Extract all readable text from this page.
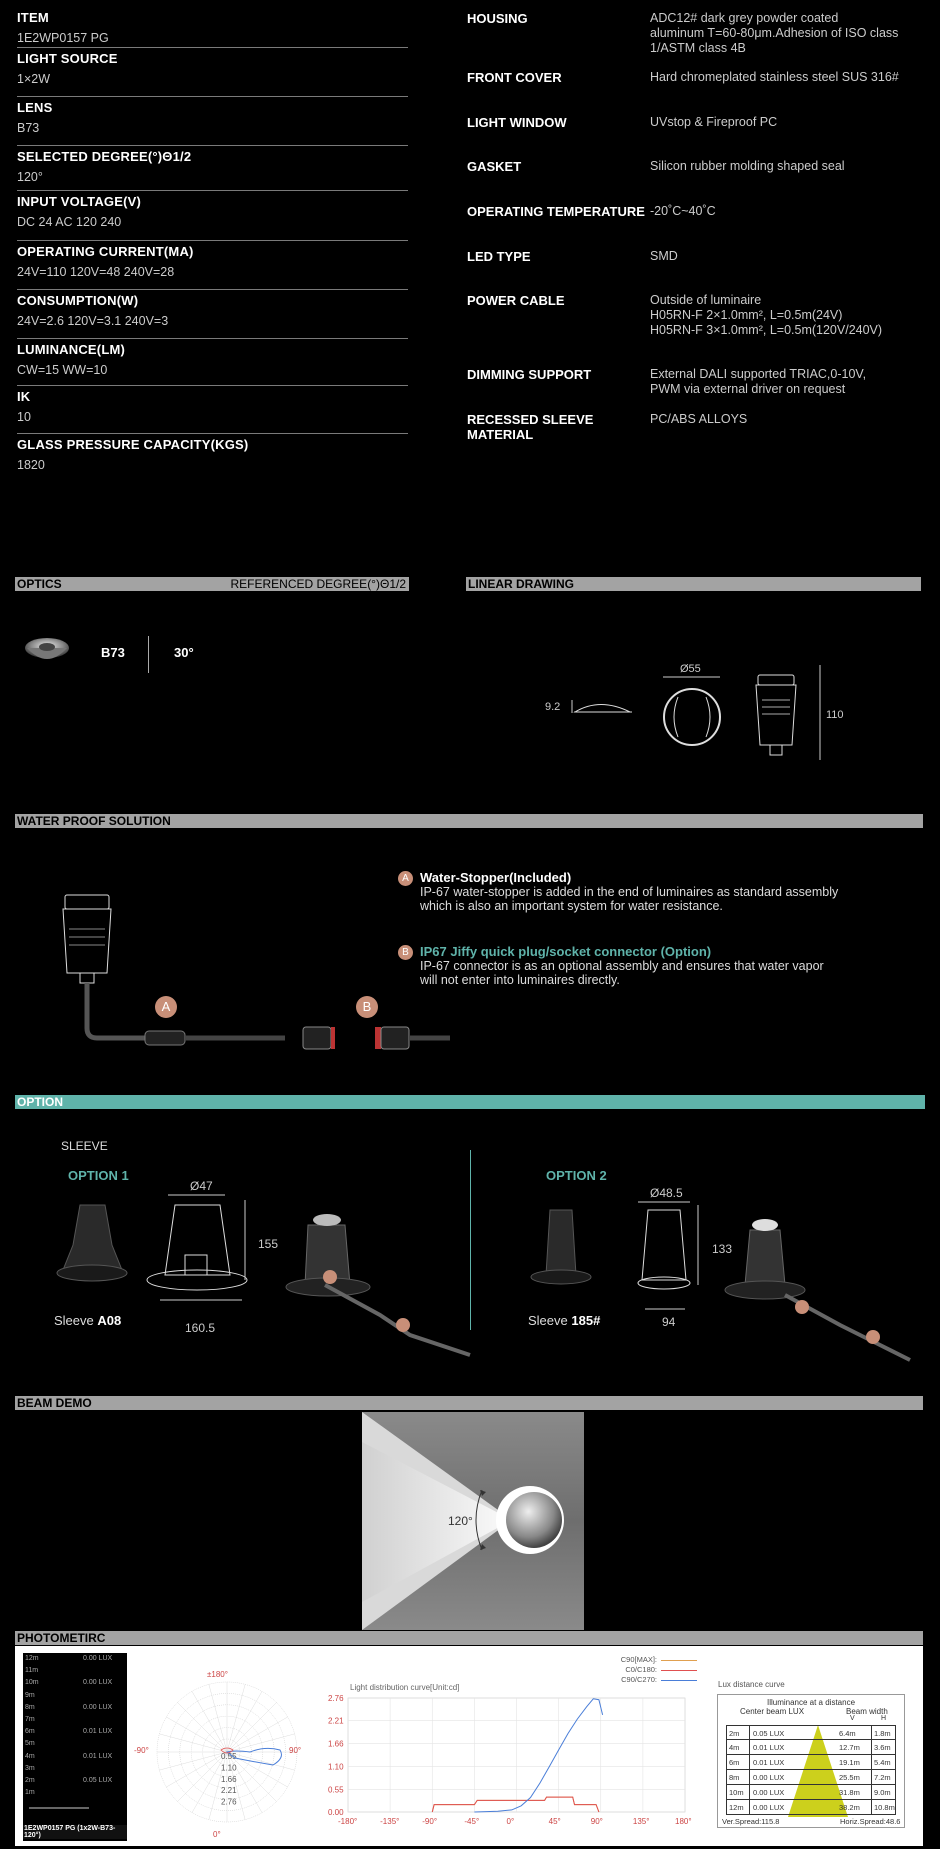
ITEM
1E2WP0157 PG
LIGHT SOURCE
1×2W
LENS
B73
SELECTED DEGREE(°)Θ1/2
120°
INPUT VOLTAGE(V)
DC 24 AC 120 240
OPERATING CURRENT(MA)
24V=110 120V=48 240V=28
CONSUMPTION(W)
24V=2.6 120V=3.1 240V=3
LUMINANCE(LM)
CW=15 WW=10
IK
10
GLASS PRESSURE CAPACITY(KGS)
1820
HOUSING	ADC12# dark grey powder coated
aluminum T=60-80μm.Adhesion of ISO class
1/ASTM class 4B
FRONT COVER	Hard chromeplated stainless steel SUS 316#
LIGHT WINDOW	UVstop & Fireproof PC
GASKET	Silicon rubber molding shaped seal
OPERATING TEMPERATURE -20˚C~40˚C
LED TYPE	SMD
POWER CABLE	Outside of luminaire
H05RN-F 2×1.0mm², L=0.5m(24V)
H05RN-F 3×1.0mm², L=0.5m(120V/240V)
DIMMING SUPPORT	External DALI supported TRIAC,0-10V,
PWM via external driver on request
RECESSED SLEEVE MATERIAL
PC/ABS ALLOYS
OPTICS	REFERENCED DEGREE(°)Θ1/2
B73	30°
LINEAR DRAWING
9.2
Ø55
110
WATER PROOF SOLUTION
A	B
A Water-Stopper(Included)
IP-67 water-stopper is added in the end of luminaires as standard assembly
which is also an important system for water resistance.
B IP67 Jiffy quick plug/socket connector (Option)
IP-67 connector is as an optional assembly and ensures that water vapor
will not enter into luminaires directly.
OPTION
SLEEVE
OPTION 1	OPTION 2
Ø47
155
160.5
Sleeve A08
Ø48.5
133
94
Sleeve 185#
BEAM DEMO
120°
PHOTOMETIRC
12m	0.00 LUX
11m
10m	0.00 LUX
9m
8m	0.00 LUX
7m
6m	0.01 LUX
5m
4m	0.01 LUX
3m
2m	0.05 LUX
1m
1E2WP0157 PG (1x2W-B73-120°)
0.55
1.10
1.66
2.21
2.76
±180°
-90°	90°
0°
Light distribution curve[Unit:cd]
C90[MAX]:
C0/C180:
C90/C270:
0.00
0.55
1.10
1.66
2.21
2.76
-180°	-135°	-90°	-45°	0°	45°	90°	135°	180°
Lux distance curve
Illuminance at a distance
Center beam LUX	Beam width
V	H
2m 0.05 LUX	6.4m 1.8m
4m 0.01 LUX	12.7m 3.6m
6m 0.01 LUX	19.1m 5.4m
8m 0.00 LUX	25.5m 7.2m
10m 0.00 LUX	31.8m 9.0m
12m 0.00 LUX	38.2m 10.8m
Ver.Spread:115.8	Horiz.Spread:48.6
